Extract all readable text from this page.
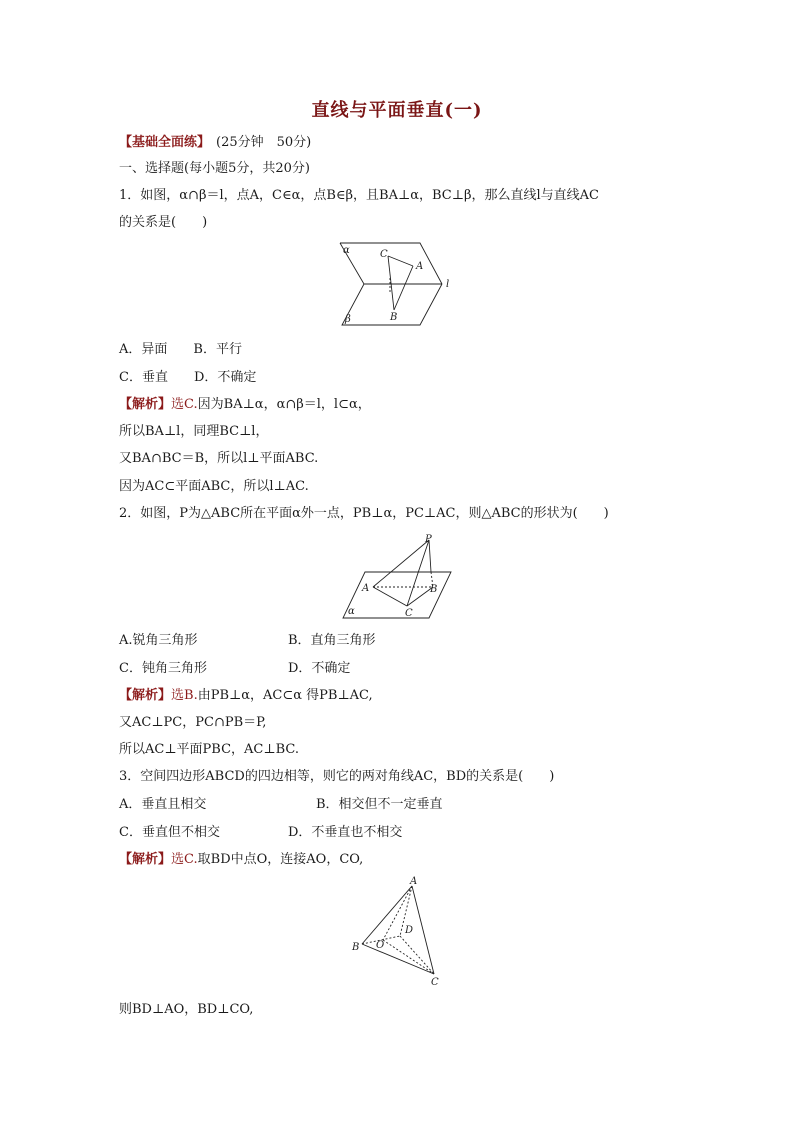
直线与平面垂直(一)
【基础全面练】 (25分钟　50分)
一、选择题(每小题5分，共20分)
1．如图，α∩β＝l，点A，C∈α，点B∈β，且BA⊥α，BC⊥β，那么直线l与直线AC
的关系是(　　)
α
β
C
A
B
l
A．异面 B．平行
C．垂直 D．不确定
【解析】选C.因为BA⊥α，α∩β＝l，l⊂α，
所以BA⊥l，同理BC⊥l，
又BA∩BC＝B，所以l⊥平面ABC.
因为AC⊂平面ABC，所以l⊥AC.
2．如图，P为△ABC所在平面α外一点，PB⊥α，PC⊥AC，则△ABC的形状为(　　)
P
A	B
C
α
A.锐角三角形	B．直角三角形
C．钝角三角形	D．不确定
【解析】选B.由PB⊥α，AC⊂α 得PB⊥AC,
又AC⊥PC，PC∩PB＝P,
所以AC⊥平面PBC，AC⊥BC.
3．空间四边形ABCD的四边相等，则它的两对角线AC，BD的关系是(　　)
A．垂直且相交	B．相交但不一定垂直
C．垂直但不相交	D．不垂直也不相交
【解析】选C.取BD中点O，连接AO，CO,
A
B
C
D
O
则BD⊥AO，BD⊥CO,
